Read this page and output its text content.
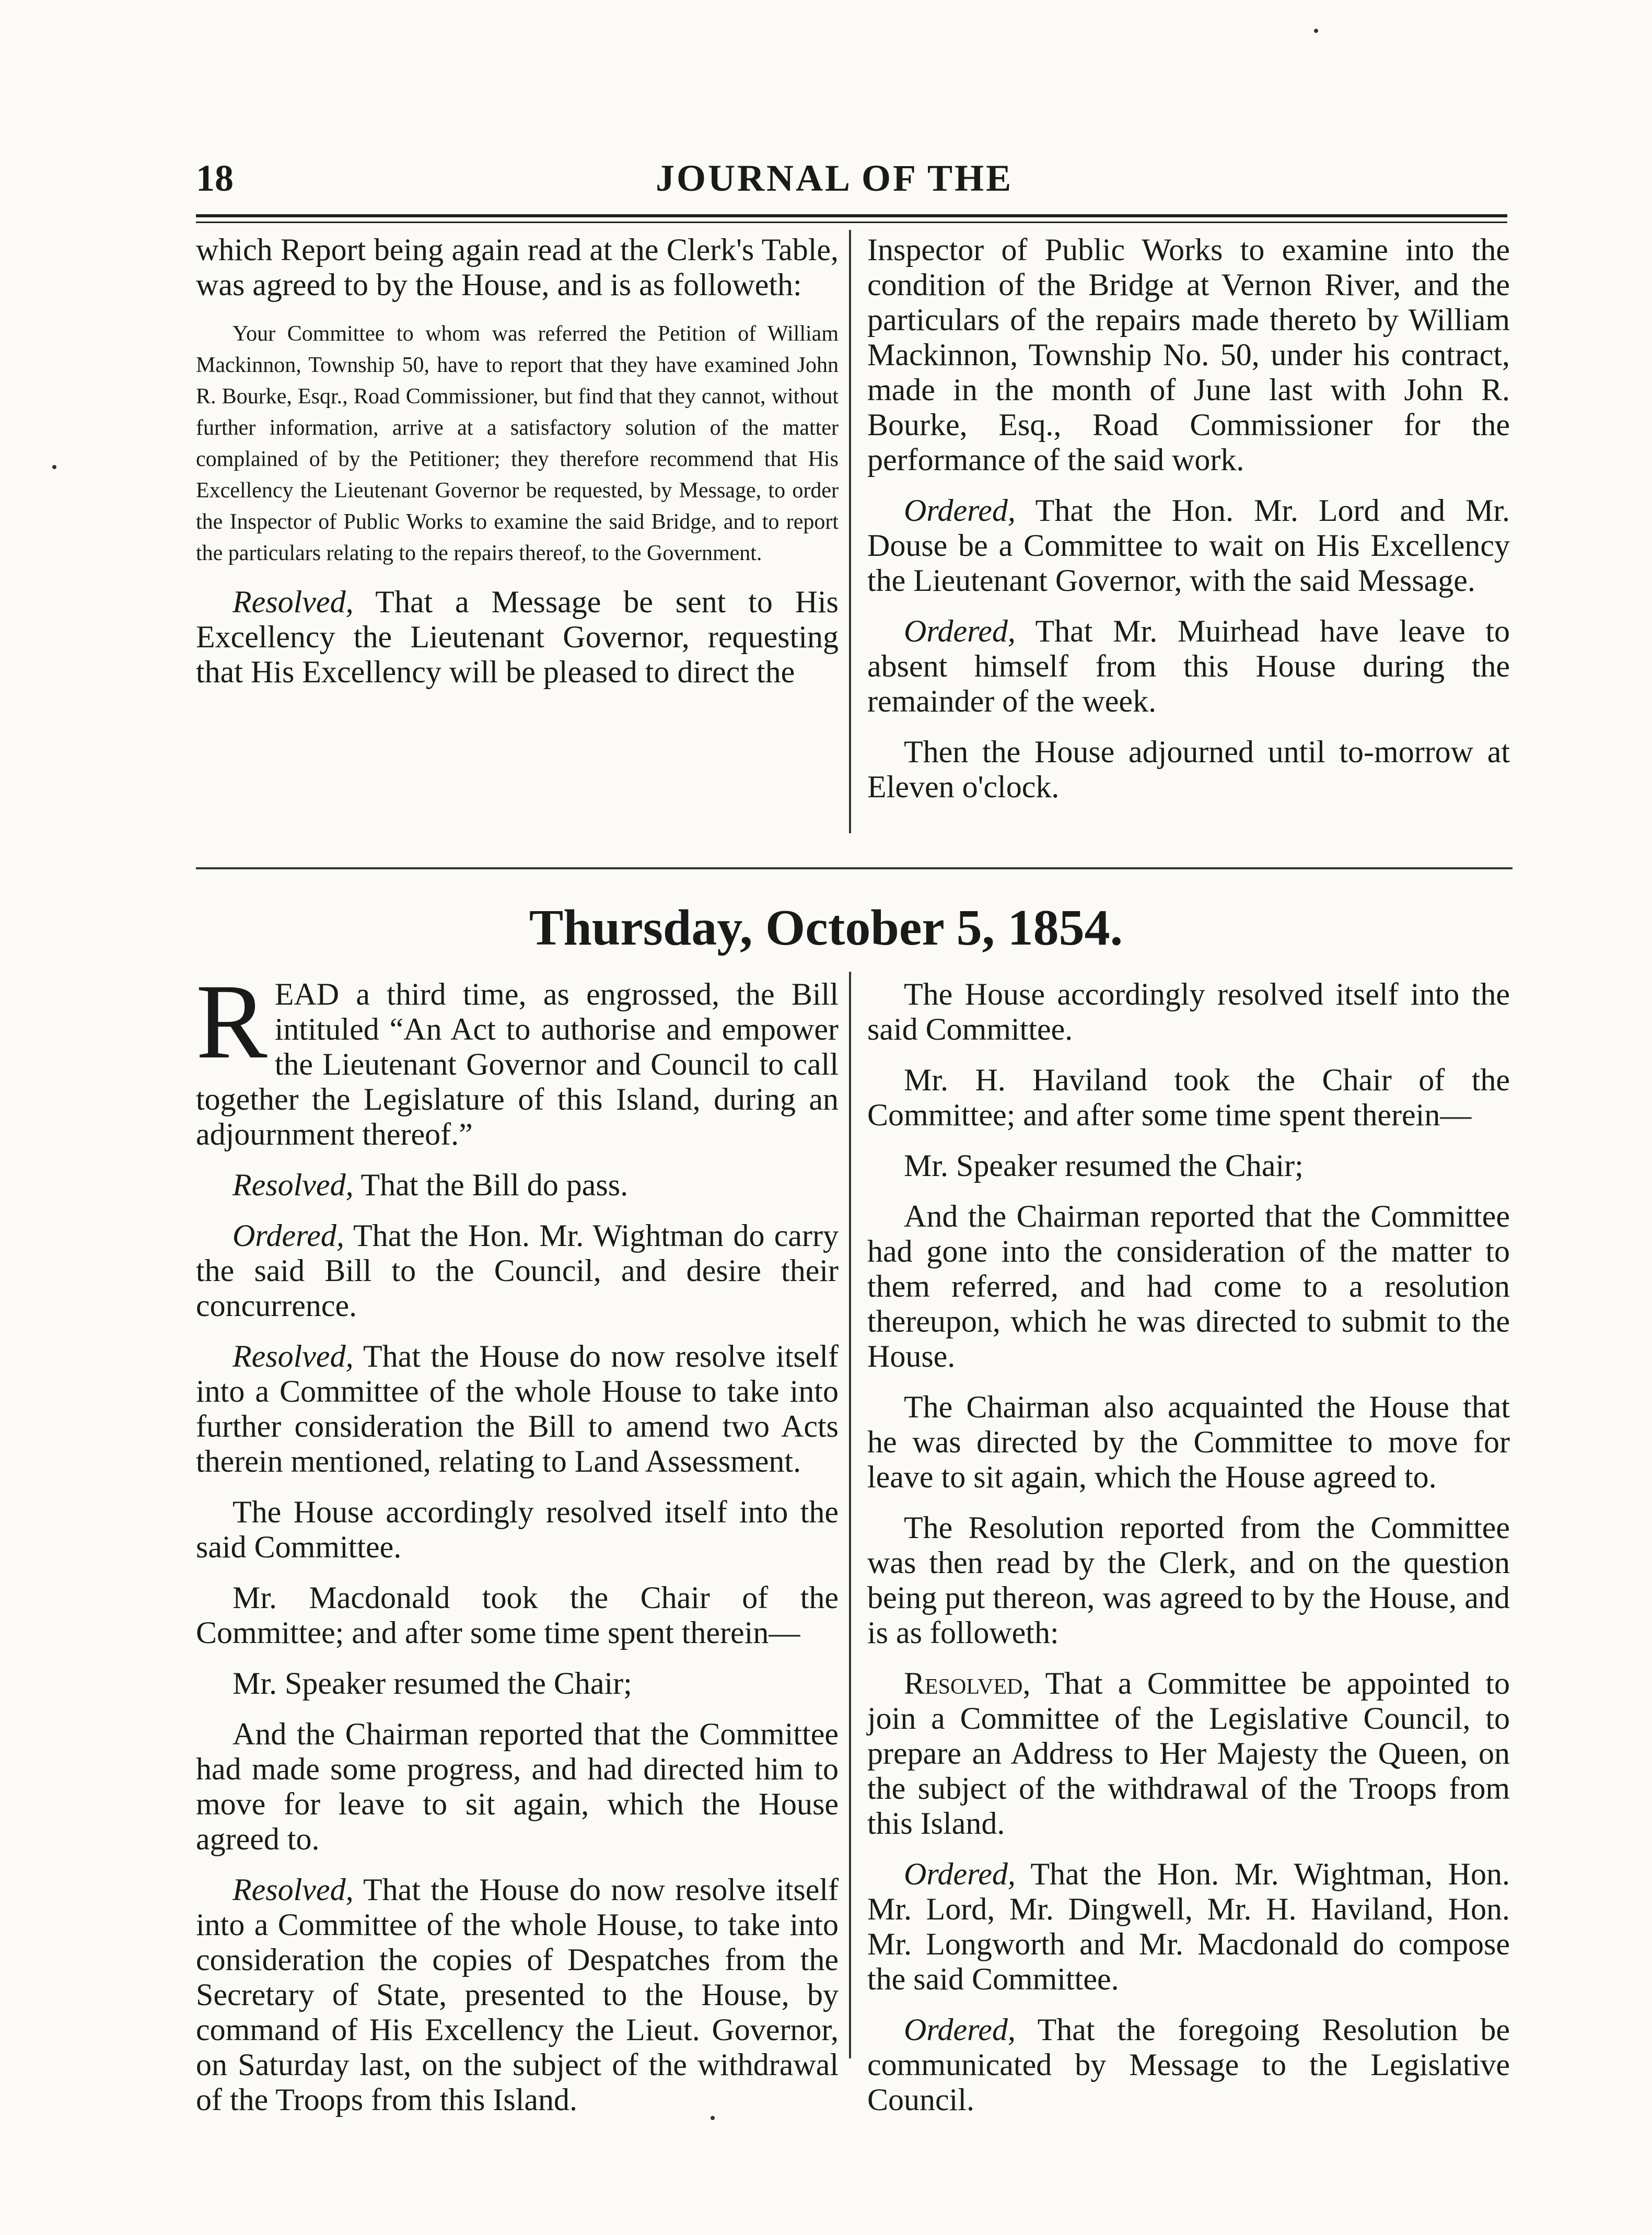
18	JOURNAL OF THE

which Report being again read at the Clerk's Table, was agreed to by the House, and is as followeth:

Your Committee to whom was referred the Petition of William Mackinnon, Township 50, have to report that they have examined John R. Bourke, Esqr., Road Commissioner, but find that they cannot, without further information, arrive at a satisfactory solution of the matter complained of by the Petitioner; they therefore recommend that His Excellency the Lieutenant Governor be requested, by Message, to order the Inspector of Public Works to examine the said Bridge, and to report the particulars relating to the repairs thereof, to the Government.

Resolved, That a Message be sent to His Excellency the Lieutenant Governor, requesting that His Excellency will be pleased to direct the

Inspector of Public Works to examine into the condition of the Bridge at Vernon River, and the particulars of the repairs made thereto by William Mackinnon, Township No. 50, under his contract, made in the month of June last with John R. Bourke, Esq., Road Commissioner for the performance of the said work.

Ordered, That the Hon. Mr. Lord and Mr. Douse be a Committee to wait on His Excellency the Lieutenant Governor, with the said Message.

Ordered, That Mr. Muirhead have leave to absent himself from this House during the remainder of the week.

Then the House adjourned until to-morrow at Eleven o'clock.

Thursday, October 5, 1854.

READ a third time, as engrossed, the Bill intituled “An Act to authorise and empower the Lieutenant Governor and Council to call together the Legislature of this Island, during an adjournment thereof.”

Resolved, That the Bill do pass.

Ordered, That the Hon. Mr. Wightman do carry the said Bill to the Council, and desire their concurrence.

Resolved, That the House do now resolve itself into a Committee of the whole House to take into further consideration the Bill to amend two Acts therein mentioned, relating to Land Assessment.

The House accordingly resolved itself into the said Committee.

Mr. Macdonald took the Chair of the Committee; and after some time spent therein—

Mr. Speaker resumed the Chair;

And the Chairman reported that the Committee had made some progress, and had directed him to move for leave to sit again, which the House agreed to.

Resolved, That the House do now resolve itself into a Committee of the whole House, to take into consideration the copies of Despatches from the Secretary of State, presented to the House, by command of His Excellency the Lieut. Governor, on Saturday last, on the subject of the withdrawal of the Troops from this Island.

The House accordingly resolved itself into the said Committee.

Mr. H. Haviland took the Chair of the Committee; and after some time spent therein—

Mr. Speaker resumed the Chair;

And the Chairman reported that the Committee had gone into the consideration of the matter to them referred, and had come to a resolution thereupon, which he was directed to submit to the House.

The Chairman also acquainted the House that he was directed by the Committee to move for leave to sit again, which the House agreed to.

The Resolution reported from the Committee was then read by the Clerk, and on the question being put thereon, was agreed to by the House, and is as followeth:

Resolved, That a Committee be appointed to join a Committee of the Legislative Council, to prepare an Address to Her Majesty the Queen, on the subject of the withdrawal of the Troops from this Island.

Ordered, That the Hon. Mr. Wightman, Hon. Mr. Lord, Mr. Dingwell, Mr. H. Haviland, Hon. Mr. Longworth and Mr. Macdonald do compose the said Committee.

Ordered, That the foregoing Resolution be communicated by Message to the Legislative Council.
